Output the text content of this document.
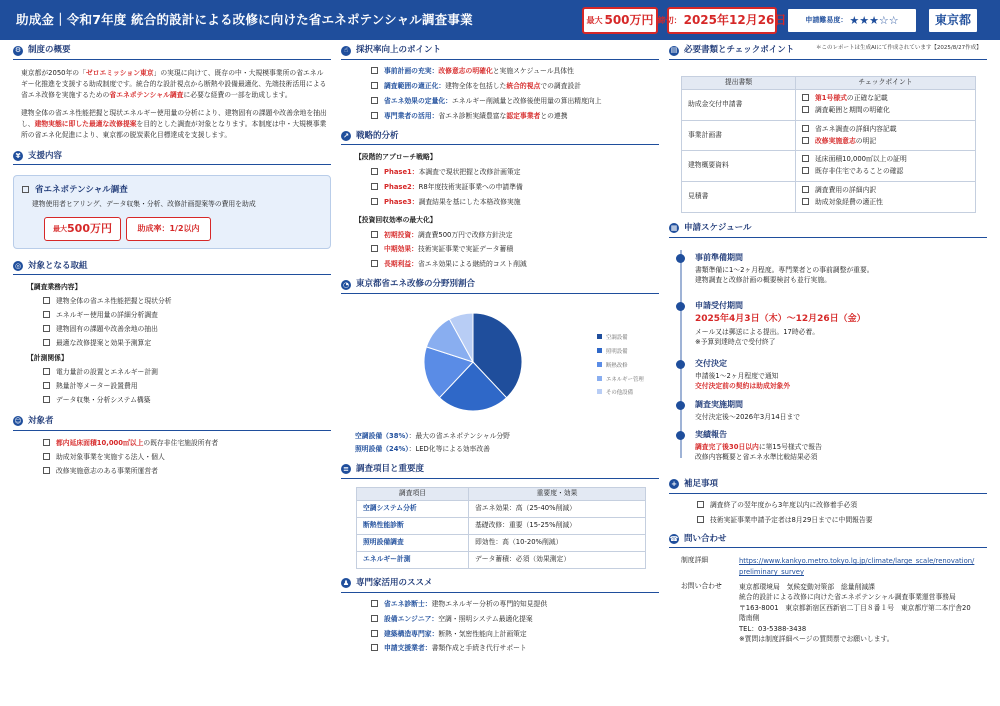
助成金｜令和7年度 統合的設計による改修に向けた省エネポテンシャル調査事業	最大 500万円 締切： 2025年12月26日	申請難易度： ★★★☆☆	東京都
＊このレポートは生成AIにて作成されています【2025/8/27作成】
⚙ 制度の概要
東京都が2050年の「ゼロエミッション東京」の実現に向けて、既存の中・大規模事業所の省エネルギー化推進を支援する助成制度です。統合的な設計視点から断熱や設備最適化、先端技術活用による省エネ改修を実施するための省エネポテンシャル調査に必要な経費の一部を助成します。
建物全体の省エネ性能把握と現状エネルギー使用量の分析により、建物固有の課題や改善余地を抽出し、建物実態に即した最適な改修提案を目的とした調査が対象となります。本制度は中・大規模事業所の省エネ化促進により、東京都の脱炭素化目標達成を支援します。
¥ 支援内容
省エネポテンシャル調査
建物使用者ヒアリング、データ収集・分析、改修計画提案等の費用を助成
最大 500万円	助成率：1/2以内
◎ 対象となる取組
【調査業務内容】
建物全体の省エネ性能把握と現状分析
エネルギー使用量の詳細分析調査
建物固有の課題や改善余地の抽出
最適な改修提案と効果予測算定
【計測関係】
電力量計の設置とエネルギー計測
熱量計等メーター設置費用
データ収集・分析システム構築
☺ 対象者
都内延床面積10,000㎡以上の既存非住宅施設所有者
助成対象事業を実施する法人・個人
改修実施意志のある事業所運営者
☝ 採択率向上のポイント
事前計画の充実：改修意志の明確化と実施スケジュール具体性
調査範囲の適正化：建物全体を包括した統合的視点での調査設計
省エネ効果の定量化：エネルギー削減量と改修後使用量の算出精度向上
専門業者の活用：省エネ診断実績豊富な認定事業者との連携
↗ 戦略的分析
【段階的アプローチ戦略】
Phase1：本調査で現状把握と改修計画策定
Phase2：R8年度技術実証事業への申請準備
Phase3：調査結果を基にした本格改修実施
【投資回収効率の最大化】
初期投資：調査費500万円で改修方針決定
中期効果：技術実証事業で実証データ蓄積
長期利益：省エネ効果による継続的コスト削減
◔ 東京都省エネ改修の分野別割合
空調設備
照明設備
断熱改修
エネルギー管理
その他設備
空調設備（38%）：最大の省エネポテンシャル分野
照明設備（24%）：LED化等による効率改善
≡ 調査項目と重要度
調査項目	重要度・効果
空調システム分析	省エネ効果：高（25-40%削減）
断熱性能診断	基礎改修：重要（15-25%削減）
照明設備調査	即効性：高（10-20%削減）
エネルギー計測	データ蓄積：必須（効果測定）
♟ 専門家活用のススメ
省エネ診断士：建物エネルギー分析の専門的知見提供
設備エンジニア：空調・照明システム最適化提案
建築構造専門家：断熱・気密性能向上計画策定
申請支援業者：書類作成と手続き代行サポート
▤ 必要書類とチェックポイント
提出書類	チェックポイント
助成金交付申請書	第1号様式の正確な記載
調査範囲と期間の明確化

事業計画書	省エネ調査の詳細内容記載
改修実施意志の明記

建物概要資料	延床面積10,000㎡以上の証明
既存非住宅であることの確認

見積書	調査費用の詳細内訳
助成対象経費の適正性
▦ 申請スケジュール
事前準備期間
書類準備に1〜2ヶ月程度。専門業者との事前調整が重要。
建物調査と改修計画の概要検討も並行実施。
申請受付期間
2025年4月3日（木）〜12月26日（金）
メール又は郵送による提出。17時必着。
※予算到達時点で受付終了
交付決定
申請後1〜2ヶ月程度で通知
交付決定前の契約は助成対象外
調査実施期間
交付決定後〜2026年3月14日まで
実績報告
調査完了後30日以内に第15号様式で報告
改修内容概要と省エネ水準比較結果必須
+ 補足事項
調査終了の翌年度から3年度以内に改修着手必須
技術実証事業申請予定者は8月29日までに中間報告要
☎ 問い合わせ
制度詳細	https://www.kankyo.metro.tokyo.lg.jp/climate/large_scale/renovation/
preliminary_survey
お問い合わせ	東京都環境局　気候変動対策部　総量削減課
統合的設計による改修に向けた省エネポテンシャル調査事業運営事務局
〒163-8001　東京都新宿区西新宿二丁目８番１号　東京都庁第二本庁舎20
階南側
TEL：03-5388-3438
※質問は制度詳細ページの質問票でお願いします。
